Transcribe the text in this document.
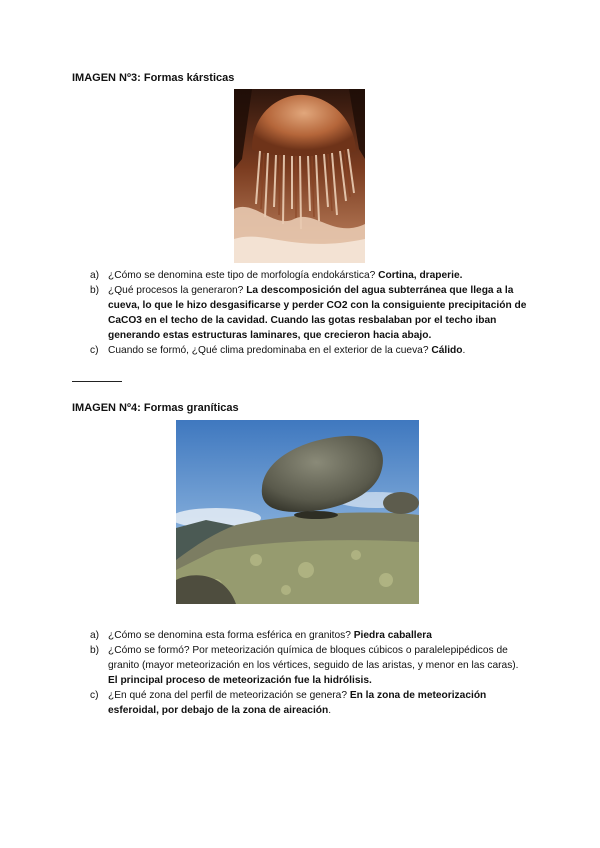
IMAGEN Nº3: Formas kársticas
a) ¿Cómo se denomina este tipo de morfología endokárstica? Cortina, draperie.
b) ¿Qué procesos la generaron? La descomposición del agua subterránea que llega a la cueva, lo que le hizo desgasificarse y perder CO2 con la consiguiente precipitación de CaCO3 en el techo de la cavidad. Cuando las gotas resbalaban por el techo iban generando estas estructuras laminares, que crecieron hacia abajo.
c) Cuando se formó, ¿Qué clima predominaba en el exterior de la cueva? Cálido.
IMAGEN Nº4: Formas graníticas
a) ¿Cómo se denomina esta forma esférica en granitos? Piedra caballera
b) ¿Cómo se formó? Por meteorización química de bloques cúbicos o paralelepipédicos de granito (mayor meteorización en los vértices, seguido de las aristas, y menor en las caras). El principal proceso de meteorización fue la hidrólisis.
c) ¿En qué zona del perfil de meteorización se genera? En la zona de meteorización esferoidal, por debajo de la zona de aireación.
